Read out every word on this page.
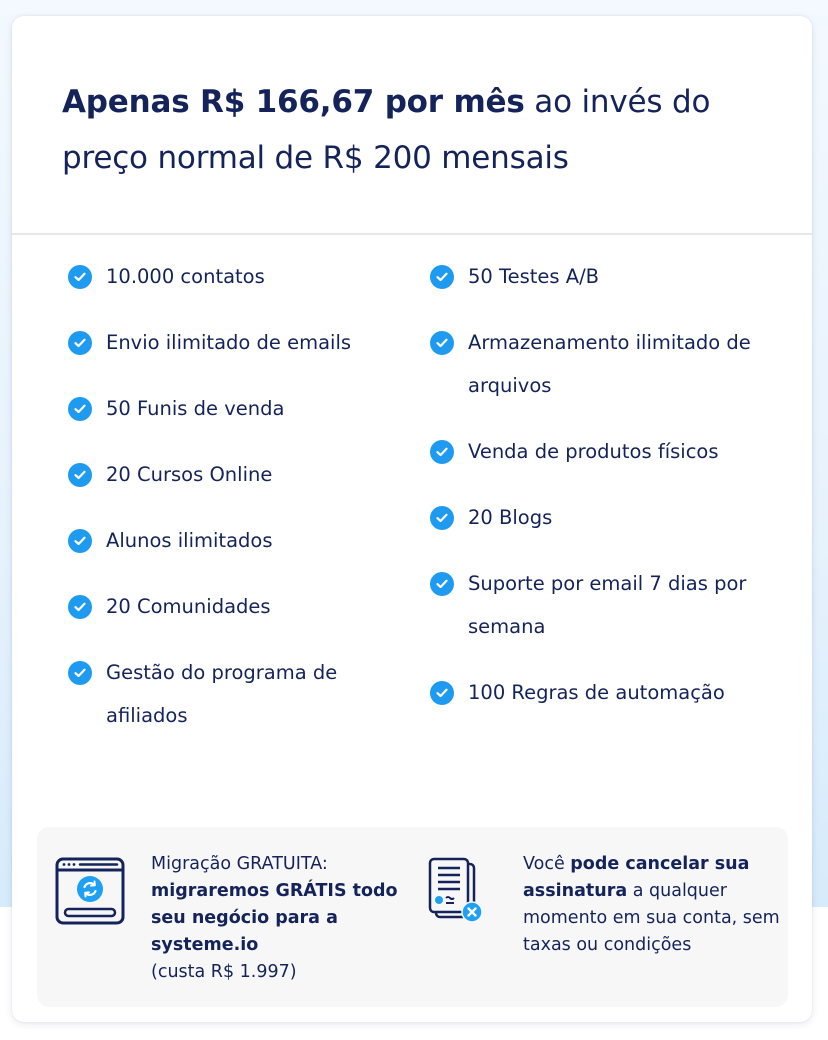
Apenas R$ 166,67 por mês ao invés do preço normal de R$ 200 mensais
10.000 contatos
Envio ilimitado de emails
50 Funis de venda
20 Cursos Online
Alunos ilimitados
20 Comunidades
Gestão do programa de afiliados
50 Testes A/B
Armazenamento ilimitado de arquivos
Venda de produtos físicos
20 Blogs
Suporte por email 7 dias por semana
100 Regras de automação
Migração GRATUITA:
migraremos GRÁTIS todo seu negócio para a systeme.io
(custa R$ 1.997)
Você pode cancelar sua assinatura a qualquer momento em sua conta, sem taxas ou condições
